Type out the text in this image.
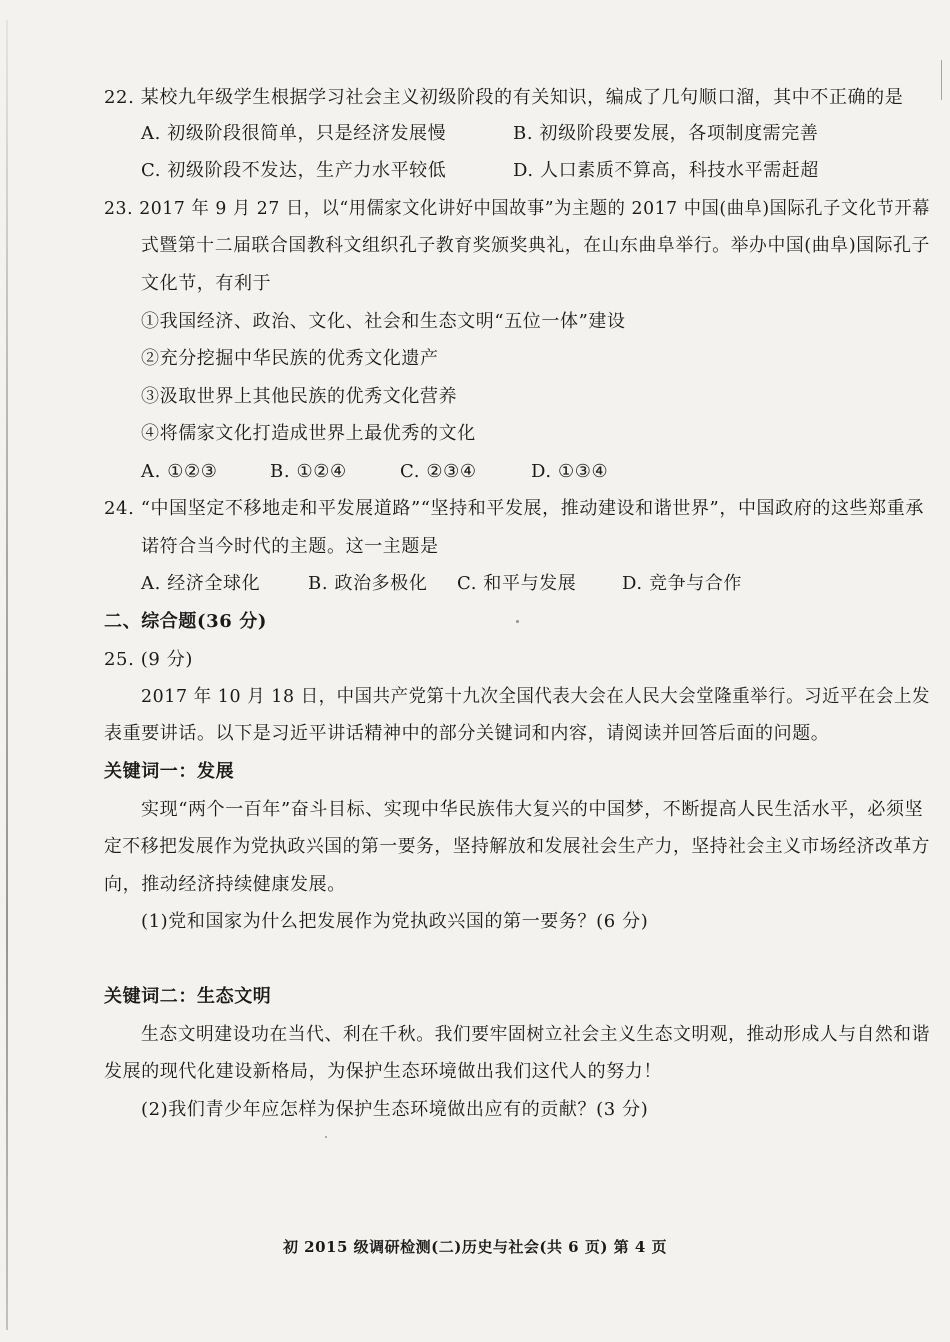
22. 某校九年级学生根据学习社会主义初级阶段的有关知识，编成了几句顺口溜，其中不正确的是
A. 初级阶段很简单，只是经济发展慢	B. 初级阶段要发展，各项制度需完善
C. 初级阶段不发达，生产力水平较低	D. 人口素质不算高，科技水平需赶超
23. 2017 年 9 月 27 日，以“用儒家文化讲好中国故事”为主题的 2017 中国(曲阜)国际孔子文化节开幕
式暨第十二届联合国教科文组织孔子教育奖颁奖典礼，在山东曲阜举行。举办中国(曲阜)国际孔子
文化节，有利于
①我国经济、政治、文化、社会和生态文明“五位一体”建设
②充分挖掘中华民族的优秀文化遗产
③汲取世界上其他民族的优秀文化营养
④将儒家文化打造成世界上最优秀的文化
A. ①②③	B. ①②④	C. ②③④	D. ①③④
24. “中国坚定不移地走和平发展道路”“坚持和平发展，推动建设和谐世界”，中国政府的这些郑重承
诺符合当今时代的主题。这一主题是
A. 经济全球化	B. 政治多极化 C. 和平与发展	D. 竞争与合作
二、综合题(36 分)
25. (9 分)
2017 年 10 月 18 日，中国共产党第十九次全国代表大会在人民大会堂隆重举行。习近平在会上发
表重要讲话。以下是习近平讲话精神中的部分关键词和内容，请阅读并回答后面的问题。
关键词一：发展
实现“两个一百年”奋斗目标、实现中华民族伟大复兴的中国梦，不断提高人民生活水平，必须坚
定不移把发展作为党执政兴国的第一要务，坚持解放和发展社会生产力，坚持社会主义市场经济改革方
向，推动经济持续健康发展。
(1)党和国家为什么把发展作为党执政兴国的第一要务？(6 分)
关键词二：生态文明
生态文明建设功在当代、利在千秋。我们要牢固树立社会主义生态文明观，推动形成人与自然和谐
发展的现代化建设新格局，为保护生态环境做出我们这代人的努力！
(2)我们青少年应怎样为保护生态环境做出应有的贡献？(3 分)
初 2015 级调研检测(二)历史与社会(共 6 页) 第 4 页
